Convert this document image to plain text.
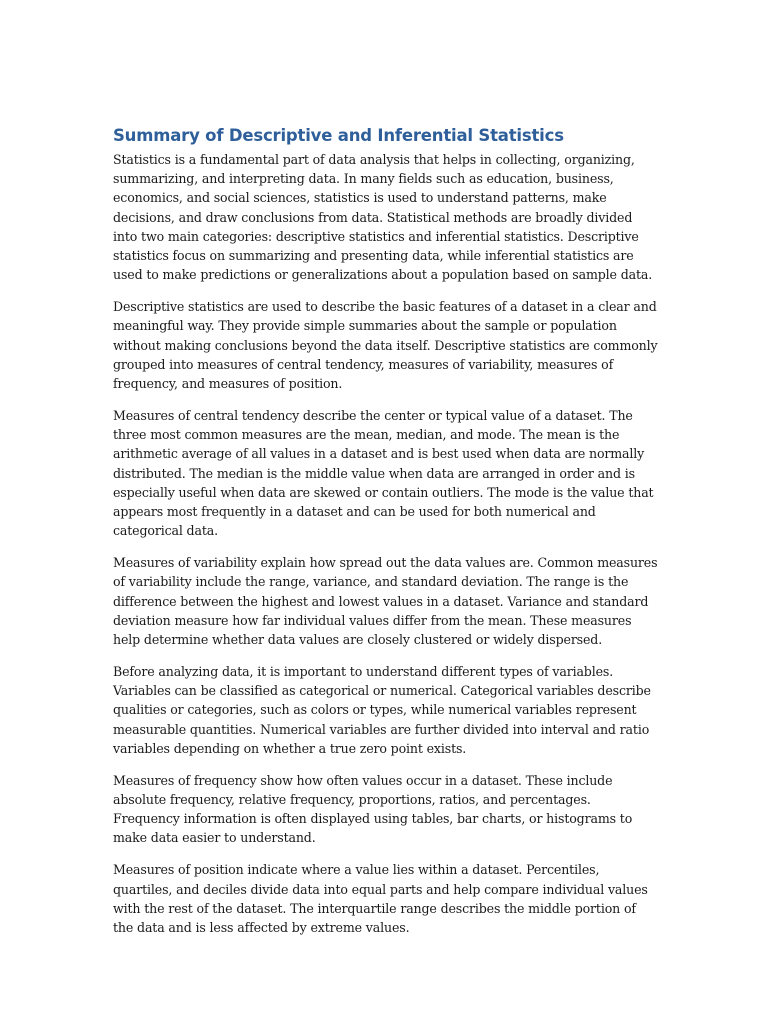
Summary of Descriptive and Inferential Statistics

Statistics is a fundamental part of data analysis that helps in collecting, organizing, summarizing, and interpreting data. In many fields such as education, business, economics, and social sciences, statistics is used to understand patterns, make decisions, and draw conclusions from data. Statistical methods are broadly divided into two main categories: descriptive statistics and inferential statistics. Descriptive statistics focus on summarizing and presenting data, while inferential statistics are used to make predictions or generalizations about a population based on sample data.

Descriptive statistics are used to describe the basic features of a dataset in a clear and meaningful way. They provide simple summaries about the sample or population without making conclusions beyond the data itself. Descriptive statistics are commonly grouped into measures of central tendency, measures of variability, measures of frequency, and measures of position.

Measures of central tendency describe the center or typical value of a dataset. The three most common measures are the mean, median, and mode. The mean is the arithmetic average of all values in a dataset and is best used when data are normally distributed. The median is the middle value when data are arranged in order and is especially useful when data are skewed or contain outliers. The mode is the value that appears most frequently in a dataset and can be used for both numerical and categorical data.

Measures of variability explain how spread out the data values are. Common measures of variability include the range, variance, and standard deviation. The range is the difference between the highest and lowest values in a dataset. Variance and standard deviation measure how far individual values differ from the mean. These measures help determine whether data values are closely clustered or widely dispersed.

Before analyzing data, it is important to understand different types of variables. Variables can be classified as categorical or numerical. Categorical variables describe qualities or categories, such as colors or types, while numerical variables represent measurable quantities. Numerical variables are further divided into interval and ratio variables depending on whether a true zero point exists.

Measures of frequency show how often values occur in a dataset. These include absolute frequency, relative frequency, proportions, ratios, and percentages. Frequency information is often displayed using tables, bar charts, or histograms to make data easier to understand.

Measures of position indicate where a value lies within a dataset. Percentiles, quartiles, and deciles divide data into equal parts and help compare individual values with the rest of the dataset. The interquartile range describes the middle portion of the data and is less affected by extreme values.
